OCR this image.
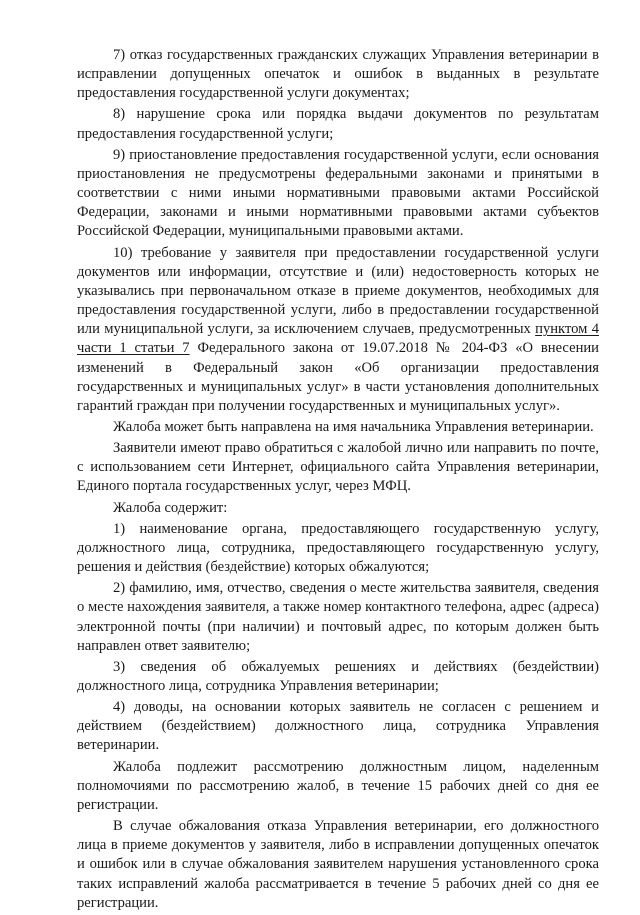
7) отказ государственных гражданских служащих Управления ветеринарии в исправлении допущенных опечаток и ошибок в выданных в результате предоставления государственной услуги документах;

8) нарушение срока или порядка выдачи документов по результатам предоставления государственной услуги;

9) приостановление предоставления государственной услуги, если основания приостановления не предусмотрены федеральными законами и принятыми в соответствии с ними иными нормативными правовыми актами Российской Федерации, законами и иными нормативными правовыми актами субъектов Российской Федерации, муниципальными правовыми актами.

10) требование у заявителя при предоставлении государственной услуги документов или информации, отсутствие и (или) недостоверность которых не указывались при первоначальном отказе в приеме документов, необходимых для предоставления государственной услуги, либо в предоставлении государственной или муниципальной услуги, за исключением случаев, предусмотренных пунктом 4 части 1 статьи 7 Федерального закона от 19.07.2018 № 204-ФЗ «О внесении изменений в Федеральный закон «Об организации предоставления государственных и муниципальных услуг» в части установления дополнительных гарантий граждан при получении государственных и муниципальных услуг».

Жалоба может быть направлена на имя начальника Управления ветеринарии.

Заявители имеют право обратиться с жалобой лично или направить по почте, с использованием сети Интернет, официального сайта Управления ветеринарии, Единого портала государственных услуг, через МФЦ.

Жалоба содержит:

1) наименование органа, предоставляющего государственную услугу, должностного лица, сотрудника, предоставляющего государственную услугу, решения и действия (бездействие) которых обжалуются;

2) фамилию, имя, отчество, сведения о месте жительства заявителя, сведения о месте нахождения заявителя, а также номер контактного телефона, адрес (адреса) электронной почты (при наличии) и почтовый адрес, по которым должен быть направлен ответ заявителю;

3) сведения об обжалуемых решениях и действиях (бездействии) должностного лица, сотрудника Управления ветеринарии;

4) доводы, на основании которых заявитель не согласен с решением и действием (бездействием) должностного лица, сотрудника Управления ветеринарии.

Жалоба подлежит рассмотрению должностным лицом, наделенным полномочиями по рассмотрению жалоб, в течение 15 рабочих дней со дня ее регистрации.

В случае обжалования отказа Управления ветеринарии, его должностного лица в приеме документов у заявителя, либо в исправлении допущенных опечаток и ошибок или в случае обжалования заявителем нарушения установленного срока таких исправлений жалоба рассматривается в течение 5 рабочих дней со дня ее регистрации.
